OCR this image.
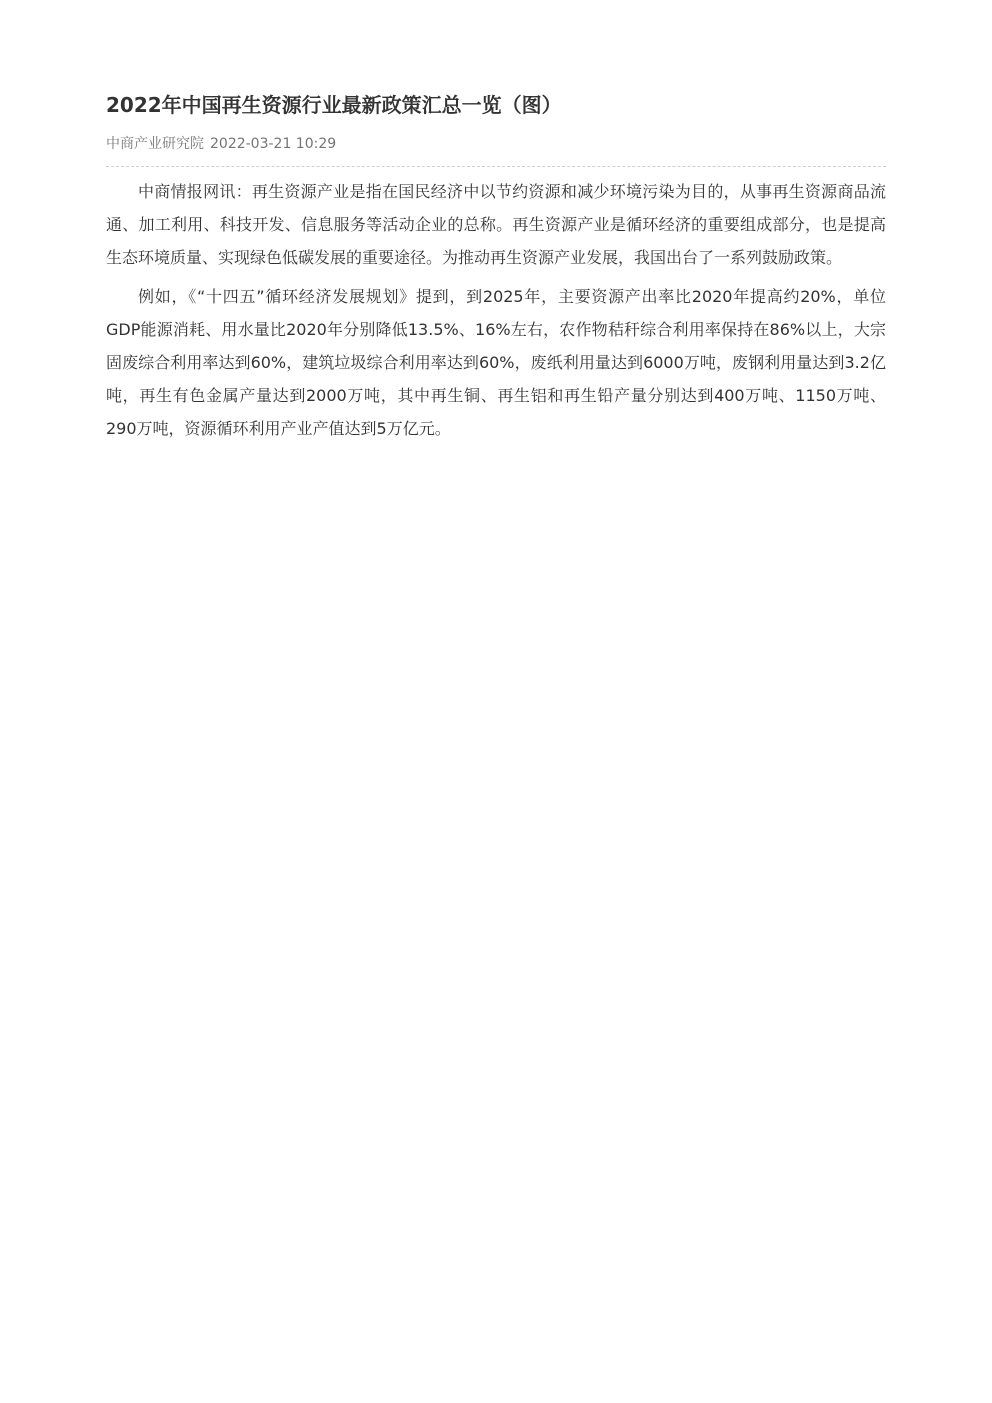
2022年中国再生资源行业最新政策汇总一览（图）
中商产业研究院 2022-03-21 10:29

中商情报网讯：再生资源产业是指在国民经济中以节约资源和减少环境污染为目的，从事再生资源商品流通、加工利用、科技开发、信息服务等活动企业的总称。再生资源产业是循环经济的重要组成部分，也是提高生态环境质量、实现绿色低碳发展的重要途径。为推动再生资源产业发展，我国出台了一系列鼓励政策。

例如，《“十四五”循环经济发展规划》提到，到2025年，主要资源产出率比2020年提高约20%，单位GDP能源消耗、用水量比2020年分别降低13.5%、16%左右，农作物秸秆综合利用率保持在86%以上，大宗固废综合利用率达到60%，建筑垃圾综合利用率达到60%，废纸利用量达到6000万吨，废钢利用量达到3.2亿吨，再生有色金属产量达到2000万吨，其中再生铜、再生铝和再生铅产量分别达到400万吨、1150万吨、290万吨，资源循环利用产业产值达到5万亿元。
